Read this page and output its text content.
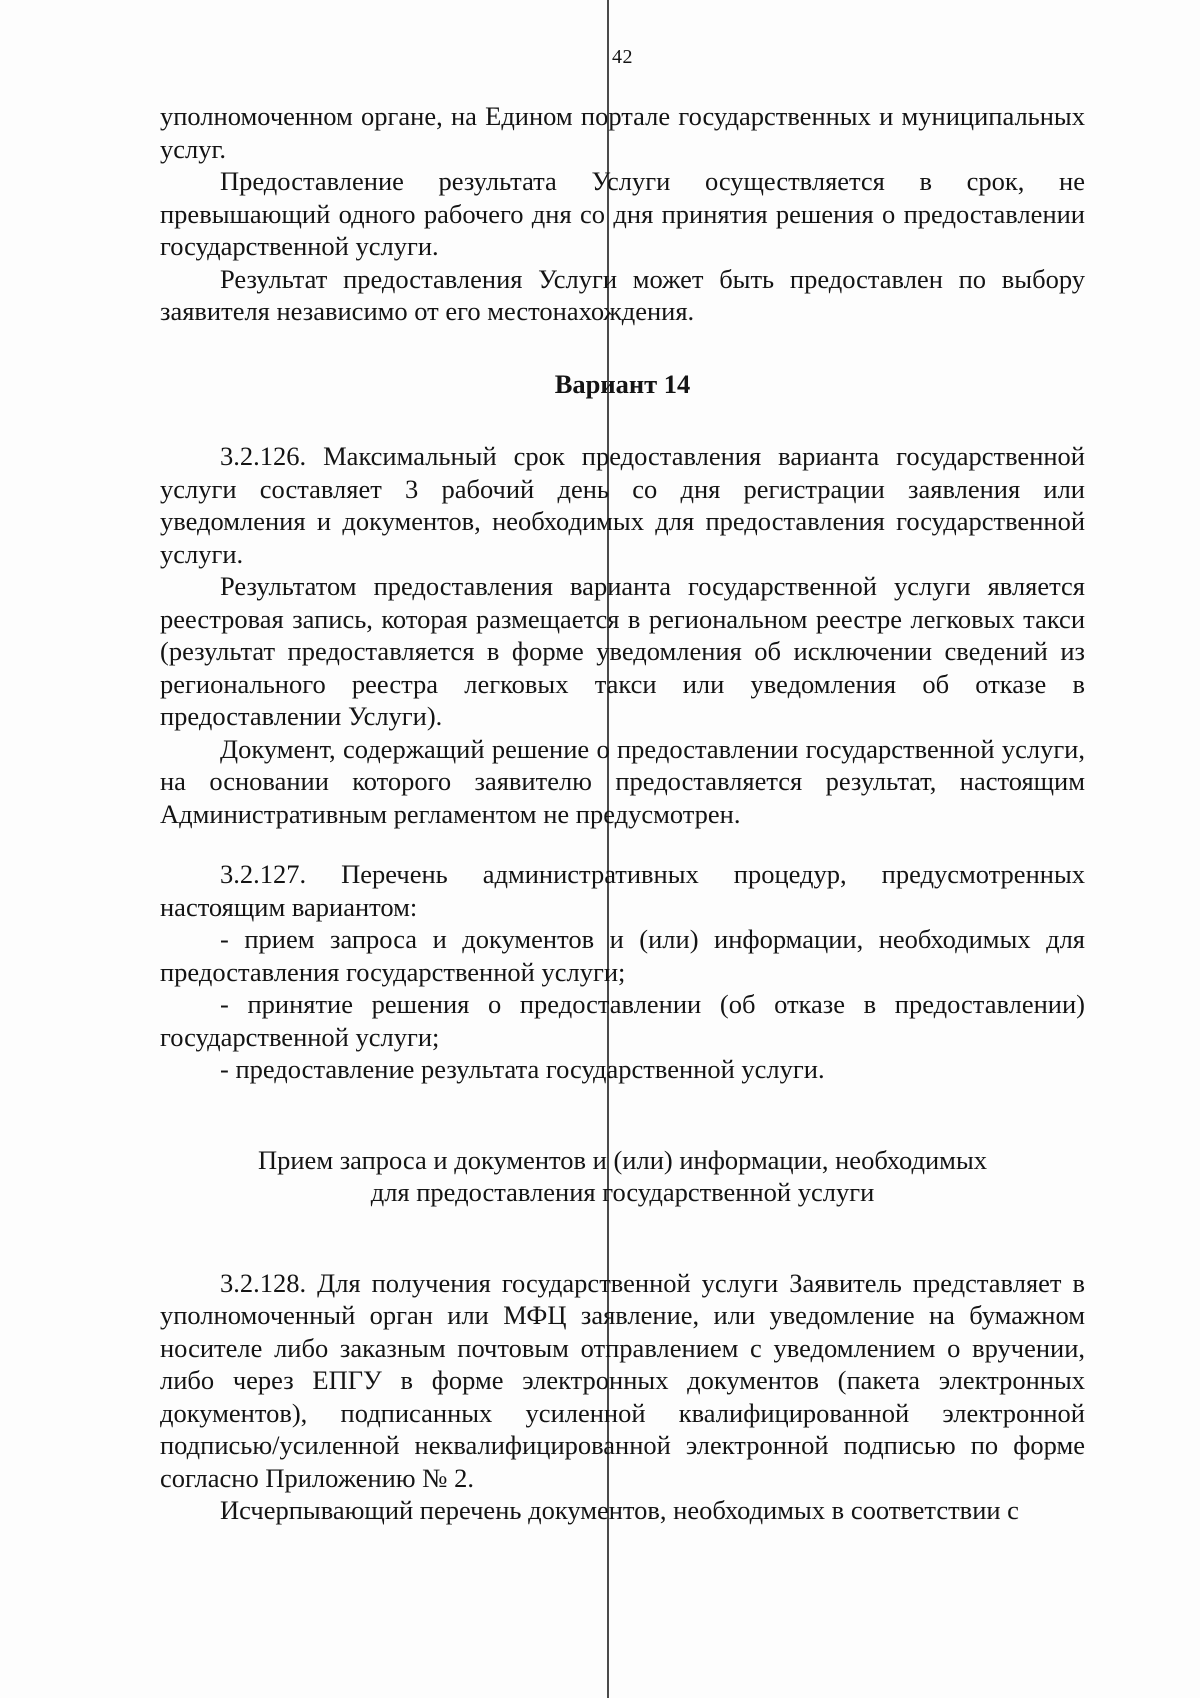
42

уполномоченном органе, на Едином портале государственных и муниципальных услуг.

Предоставление результата Услуги осуществляется в срок, не превышающий одного рабочего дня со дня принятия решения о предоставлении государственной услуги.

Результат предоставления Услуги может быть предоставлен по выбору заявителя независимо от его местонахождения.

Вариант 14

3.2.126. Максимальный срок предоставления варианта государственной услуги составляет 3 рабочий день со дня регистрации заявления или уведомления и документов, необходимых для предоставления государственной услуги.

Результатом предоставления варианта государственной услуги является реестровая запись, которая размещается в региональном реестре легковых такси (результат предоставляется в форме уведомления об исключении сведений из регионального реестра легковых такси или уведомления об отказе в предоставлении Услуги).

Документ, содержащий решение о предоставлении государственной услуги, на основании которого заявителю предоставляется результат, настоящим Административным регламентом не предусмотрен.

3.2.127. Перечень административных процедур, предусмотренных настоящим вариантом:

- прием запроса и документов и (или) информации, необходимых для предоставления государственной услуги;

- принятие решения о предоставлении (об отказе в предоставлении) государственной услуги;

- предоставление результата государственной услуги.

Прием запроса и документов и (или) информации, необходимых

для предоставления государственной услуги

3.2.128. Для получения государственной услуги Заявитель представляет в уполномоченный орган или МФЦ заявление, или уведомление на бумажном носителе либо заказным почтовым отправлением с уведомлением о вручении, либо через ЕПГУ в форме электронных документов (пакета электронных документов), подписанных усиленной квалифицированной электронной подписью/усиленной неквалифицированной электронной подписью по форме согласно Приложению № 2.

Исчерпывающий перечень документов, необходимых в соответствии с
